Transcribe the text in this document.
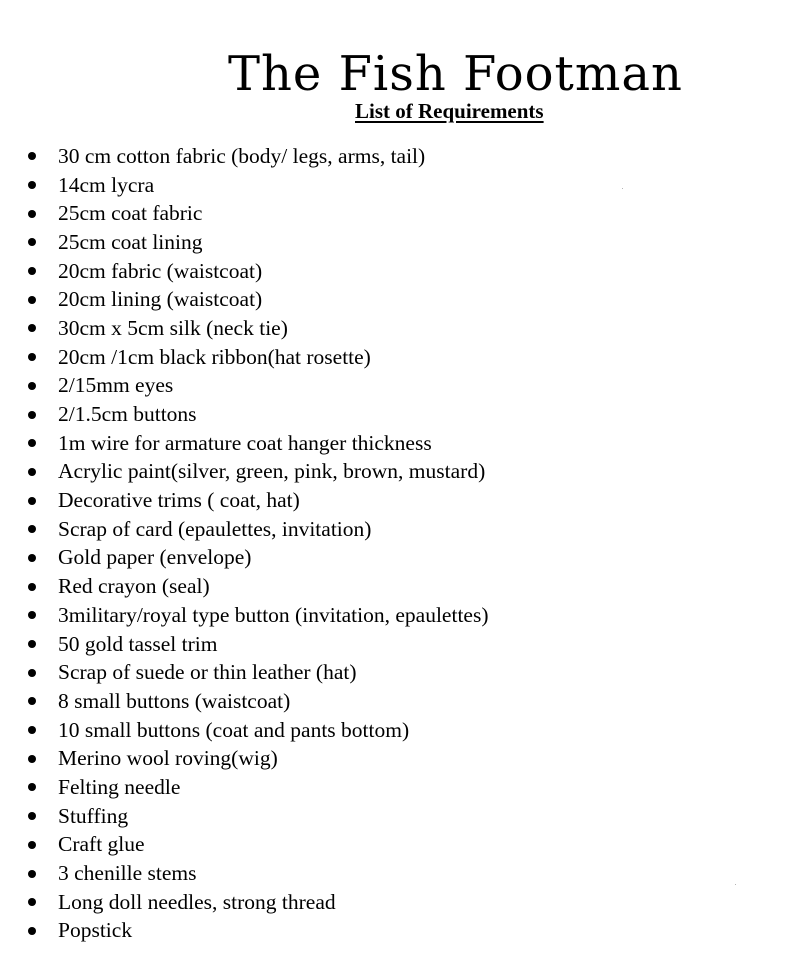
The Fish Footman
List of Requirements
30 cm cotton fabric (body/ legs, arms, tail)
14cm lycra
25cm coat fabric
25cm coat lining
20cm fabric (waistcoat)
20cm lining (waistcoat)
30cm x 5cm silk (neck tie)
20cm /1cm black ribbon(hat rosette)
2/15mm eyes
2/1.5cm buttons
1m wire for armature coat hanger thickness
Acrylic paint(silver, green, pink, brown, mustard)
Decorative trims ( coat, hat)
Scrap of card (epaulettes, invitation)
Gold paper (envelope)
Red crayon (seal)
3military/royal type button (invitation, epaulettes)
50 gold tassel trim
Scrap of suede or thin leather (hat)
8 small buttons (waistcoat)
10 small buttons (coat and pants bottom)
Merino wool roving(wig)
Felting needle
Stuffing
Craft glue
3 chenille stems
Long doll needles, strong thread
Popstick
